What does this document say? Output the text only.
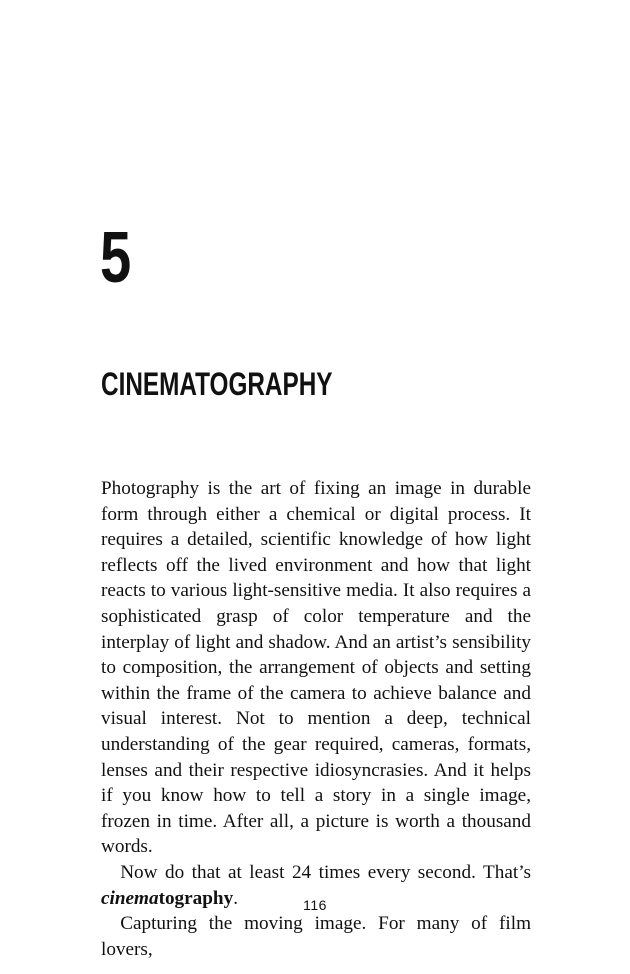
5
CINEMATOGRAPHY

Photography is the art of fixing an image in durable form through either a chemical or digital process. It requires a detailed, scientific knowledge of how light reflects off the lived environment and how that light reacts to various light-sensitive media. It also requires a sophisticated grasp of color temperature and the interplay of light and shadow. And an artist’s sensibility to composition, the arrangement of objects and setting within the frame of the camera to achieve balance and visual interest. Not to mention a deep, technical understanding of the gear required, cameras, formats, lenses and their respective idiosyncrasies. And it helps if you know how to tell a story in a single image, frozen in time. After all, a picture is worth a thousand words.

Now do that at least 24 times every second. That’s cinematography.

Capturing the moving image. For many of film lovers,

116
